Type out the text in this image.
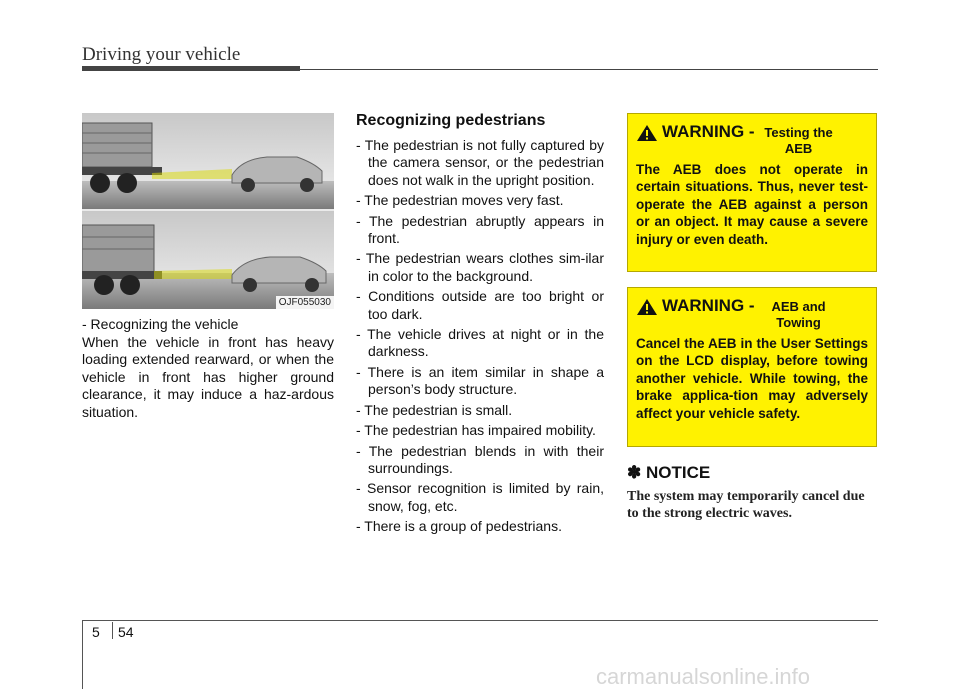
Driving your vehicle
OJF055030
- Recognizing the vehicle
When the vehicle in front has heavy loading extended rearward, or when the vehicle in front has higher ground clearance, it may induce a haz-ardous situation.
Recognizing pedestrians
- The pedestrian is not fully captured by the camera sensor, or the pedestrian does not walk in the upright position.
- The pedestrian moves very fast.
- The pedestrian abruptly appears in front.
- The pedestrian wears clothes sim-ilar in color to the background.
- Conditions outside are too bright or too dark.
- The vehicle drives at night or in the darkness.
- There is an item similar in shape a person’s body structure.
- The pedestrian is small.
- The pedestrian has impaired mobility.
- The pedestrian blends in with their surroundings.
- Sensor recognition is limited by rain, snow, fog, etc.
- There is a group of pedestrians.
WARNING - Testing the AEB
The AEB does not operate in certain situations. Thus, never test-operate the AEB against a person or an object. It may cause a severe injury or even death.
WARNING -	AEB and Towing
Cancel the AEB in the User Settings on the LCD display, before towing another vehicle. While towing, the brake applica-tion may adversely affect your vehicle safety.
✽ NOTICE
The system may temporarily cancel due to the strong electric waves.
5 54
carmanualsonline.info
